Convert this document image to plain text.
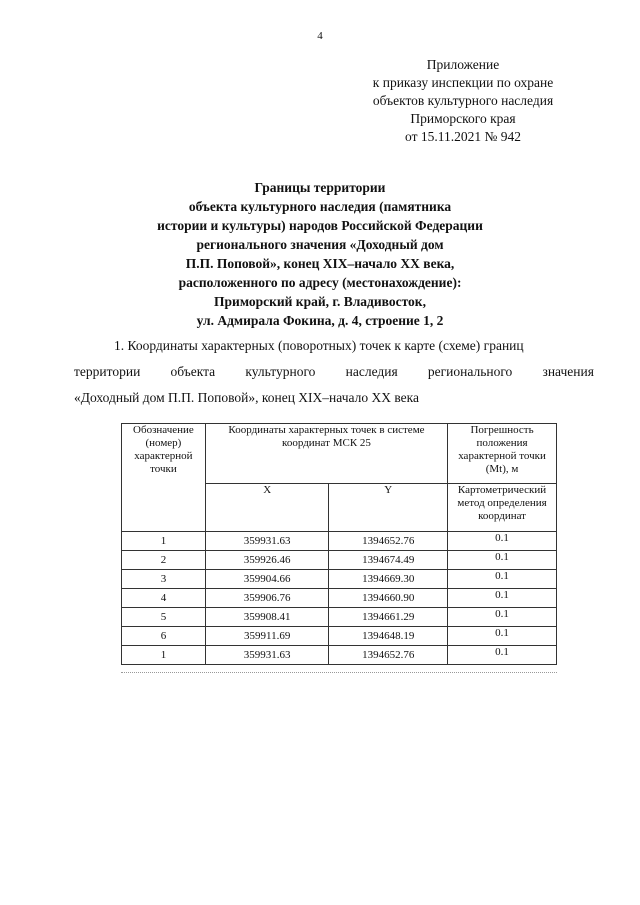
4
Приложение
к приказу инспекции по охране
объектов культурного наследия
Приморского края
от 15.11.2021 № 942
Границы территории
объекта культурного наследия (памятника
истории и культуры) народов Российской Федерации
регионального значения «Доходный дом
П.П. Поповой», конец XIX–начало XX века,
расположенного по адресу (местонахождение):
Приморский край, г. Владивосток,
ул. Адмирала Фокина, д. 4, строение 1, 2
1. Координаты характерных (поворотных) точек к карте (схеме) границ
территории объекта культурного наследия регионального значения
«Доходный дом П.П. Поповой», конец XIX–начало XX века
Обозначение (номер) характерной точки	Координаты характерных точек в системе координат МСК 25		Погрешность положения характерной точки (Mt), м
	X	Y	Картометрический метод определения координат
1	359931.63	1394652.76	0.1
2	359926.46	1394674.49	0.1
3	359904.66	1394669.30	0.1
4	359906.76	1394660.90	0.1
5	359908.41	1394661.29	0.1
6	359911.69	1394648.19	0.1
1	359931.63	1394652.76	0.1
